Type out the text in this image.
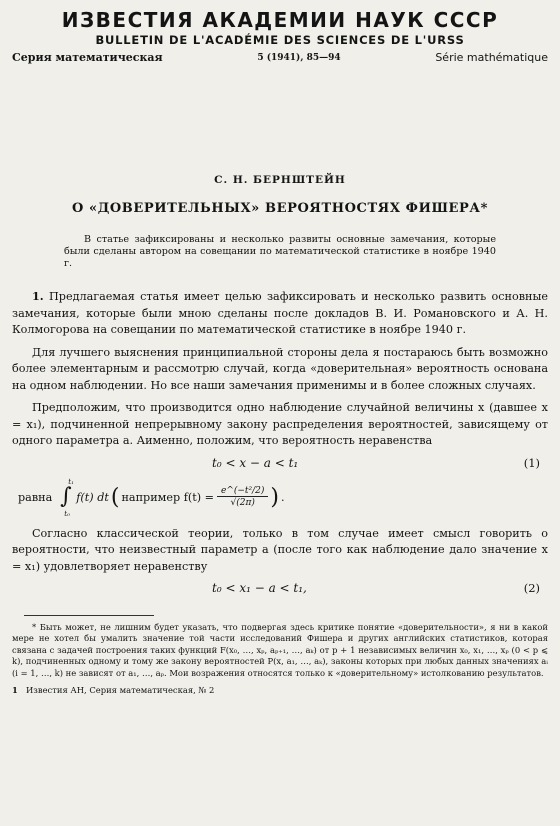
ИЗВЕСТИЯ АКАДЕМИИ НАУК СССР
BULLETIN DE L'ACADÉMIE DES SCIENCES DE L'URSS
Серия математическая	5 (1941), 85—94	Série mathématique
С. Н. БЕРНШТЕЙН
О «ДОВЕРИТЕЛЬНЫХ» ВЕРОЯТНОСТЯХ ФИШЕРА*
В статье зафиксированы и несколько развиты основные замечания, которые были сделаны автором на совещании по математической статистике в ноябре 1940 г.

1. Предлагаемая статья имеет целью зафиксировать и несколько развить основные замечания, которые были мною сделаны после докладов В. И. Романовского и А. Н. Колмогорова на совещании по математической статистике в ноябре 1940 г.

Для лучшего выяснения принципиальной стороны дела я постараюсь быть возможно более элементарным и рассмотрю случай, когда «доверительная» вероятность основана на одном наблюдении. Но все наши замечания применимы и в более сложных случаях.

Предположим, что производится одно наблюдение случайной величины x (давшее x = x₁), подчиненной непрерывному закону распределения вероятностей, зависящему от одного параметра a. Аименно, положим, что вероятность неравенства

t₀ < x − a < t₁	(1)
равна
t₁
∫
t₀
f(t) dt ( например $f(t) = \frac{\text{e\textasciicircum{}(−t²/2)}}{√(2\pi)}$ ) .

Согласно классической теории, только в том случае имеет смысл говорить о вероятности, что неизвестный параметр a (после того как наблюдение дало значение x = x₁) удовлетворяет неравенству

t₀ < x₁ − a < t₁,	(2)

* Быть может, не лишним будет указать, что подвергая здесь критике понятие «доверительности», я ни в какой мере не хотел бы умалить значение той части исследований Фишера и других английских статистиков, которая связана с задачей построения таких функций F(x₀, …, xₚ, aₚ₊₁, …, aₖ) от p + 1 независимых величин x₀, x₁, …, xₚ (0 < p ⩽ k), подчиненных одному и тому же закону вероятностей P(x, a₁, …, aₖ), законы которых при любых данных значениях aᵢ (i = 1, …, k) не зависят от a₁, …, aₚ. Мои возражения относятся только к «доверительному» истолкованию результатов.

1 Известия АН, Серия математическая, № 2
